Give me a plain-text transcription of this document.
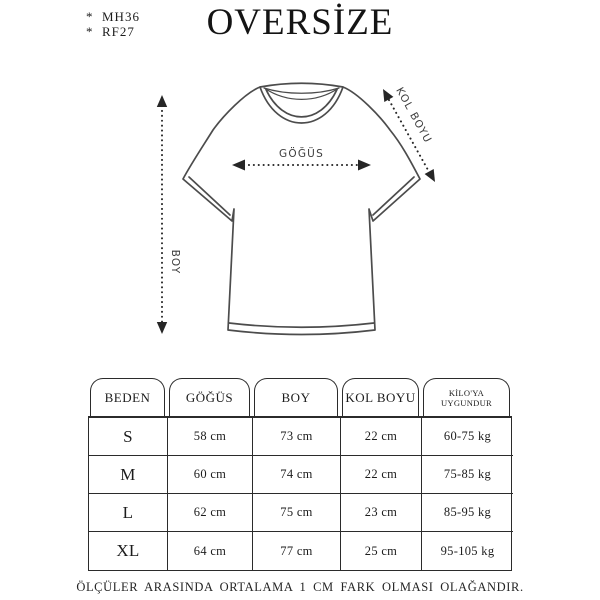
*  MH36
*  RF27	OVERSİZE
GÖĞÜS
BOY
KOL BOYU
BEDEN	GÖĞÜS	BOY	KOL BOYU	KİLO'YA UYGUNDUR
S	58 cm	73 cm	22 cm	60-75 kg
M	60 cm	74 cm	22 cm	75-85 kg
L	62 cm	75 cm	23 cm	85-95 kg
XL	64 cm	77 cm	25 cm	95-105 kg
ÖLÇÜLER ARASINDA ORTALAMA 1 CM FARK OLMASI OLAĞANDIR.
